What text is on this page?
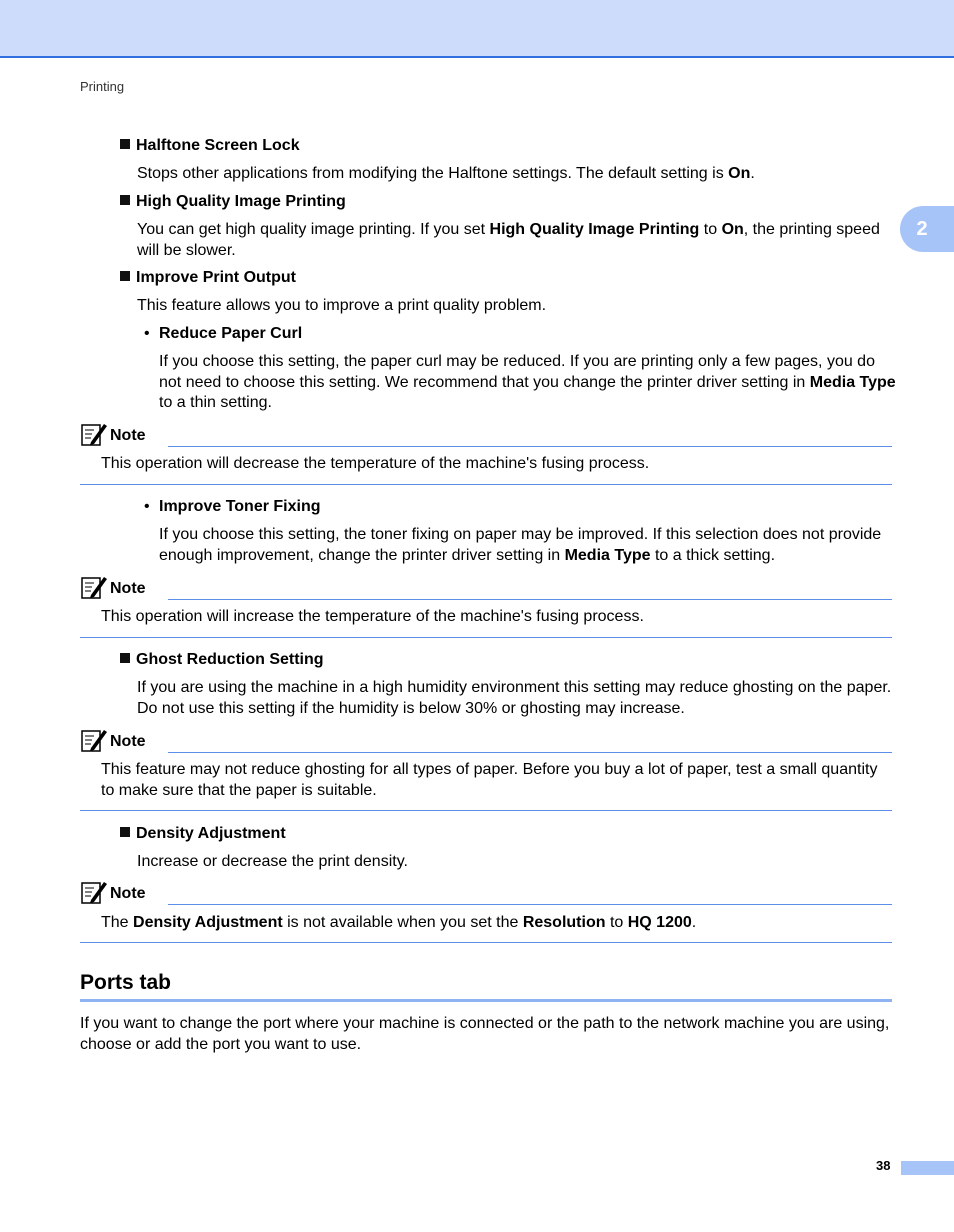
Printing
2
Halftone Screen Lock
Stops other applications from modifying the Halftone settings. The default setting is On.
High Quality Image Printing
You can get high quality image printing. If you set High Quality Image Printing to On, the printing speed will be slower.
Improve Print Output
This feature allows you to improve a print quality problem.
• Reduce Paper Curl
If you choose this setting, the paper curl may be reduced. If you are printing only a few pages, you do not need to choose this setting. We recommend that you change the printer driver setting in Media Type to a thin setting.
Note
This operation will decrease the temperature of the machine's fusing process.
• Improve Toner Fixing
If you choose this setting, the toner fixing on paper may be improved. If this selection does not provide enough improvement, change the printer driver setting in Media Type to a thick setting.
Note
This operation will increase the temperature of the machine's fusing process.
Ghost Reduction Setting
If you are using the machine in a high humidity environment this setting may reduce ghosting on the paper. Do not use this setting if the humidity is below 30% or ghosting may increase.
Note
This feature may not reduce ghosting for all types of paper. Before you buy a lot of paper, test a small quantity to make sure that the paper is suitable.
Density Adjustment
Increase or decrease the print density.
Note
The Density Adjustment is not available when you set the Resolution to HQ 1200.
Ports tab
If you want to change the port where your machine is connected or the path to the network machine you are using, choose or add the port you want to use.
38
